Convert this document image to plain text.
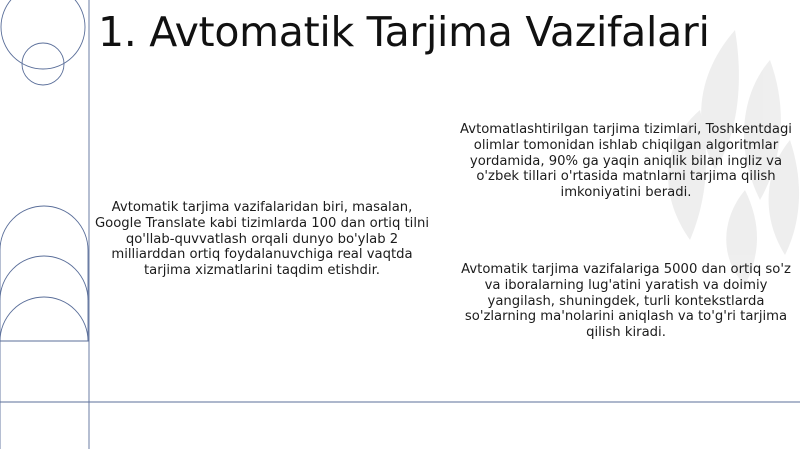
1. Avtomatik Tarjima Vazifalari

Avtomatik tarjima vazifalaridan biri, masalan, Google Translate kabi tizimlarda 100 dan ortiq tilni qo'llab-quvvatlash orqali dunyo bo'ylab 2 milliarddan ortiq foydalanuvchiga real vaqtda tarjima xizmatlarini taqdim etishdir.

Avtomatlashtirilgan tarjima tizimlari, Toshkentdagi olimlar tomonidan ishlab chiqilgan algoritmlar yordamida, 90% ga yaqin aniqlik bilan ingliz va o'zbek tillari o'rtasida matnlarni tarjima qilish imkoniyatini beradi.

Avtomatik tarjima vazifalariga 5000 dan ortiq so'z va iboralarning lug'atini yaratish va doimiy yangilash, shuningdek, turli kontekstlarda so'zlarning ma'nolarini aniqlash va to'g'ri tarjima qilish kiradi.
